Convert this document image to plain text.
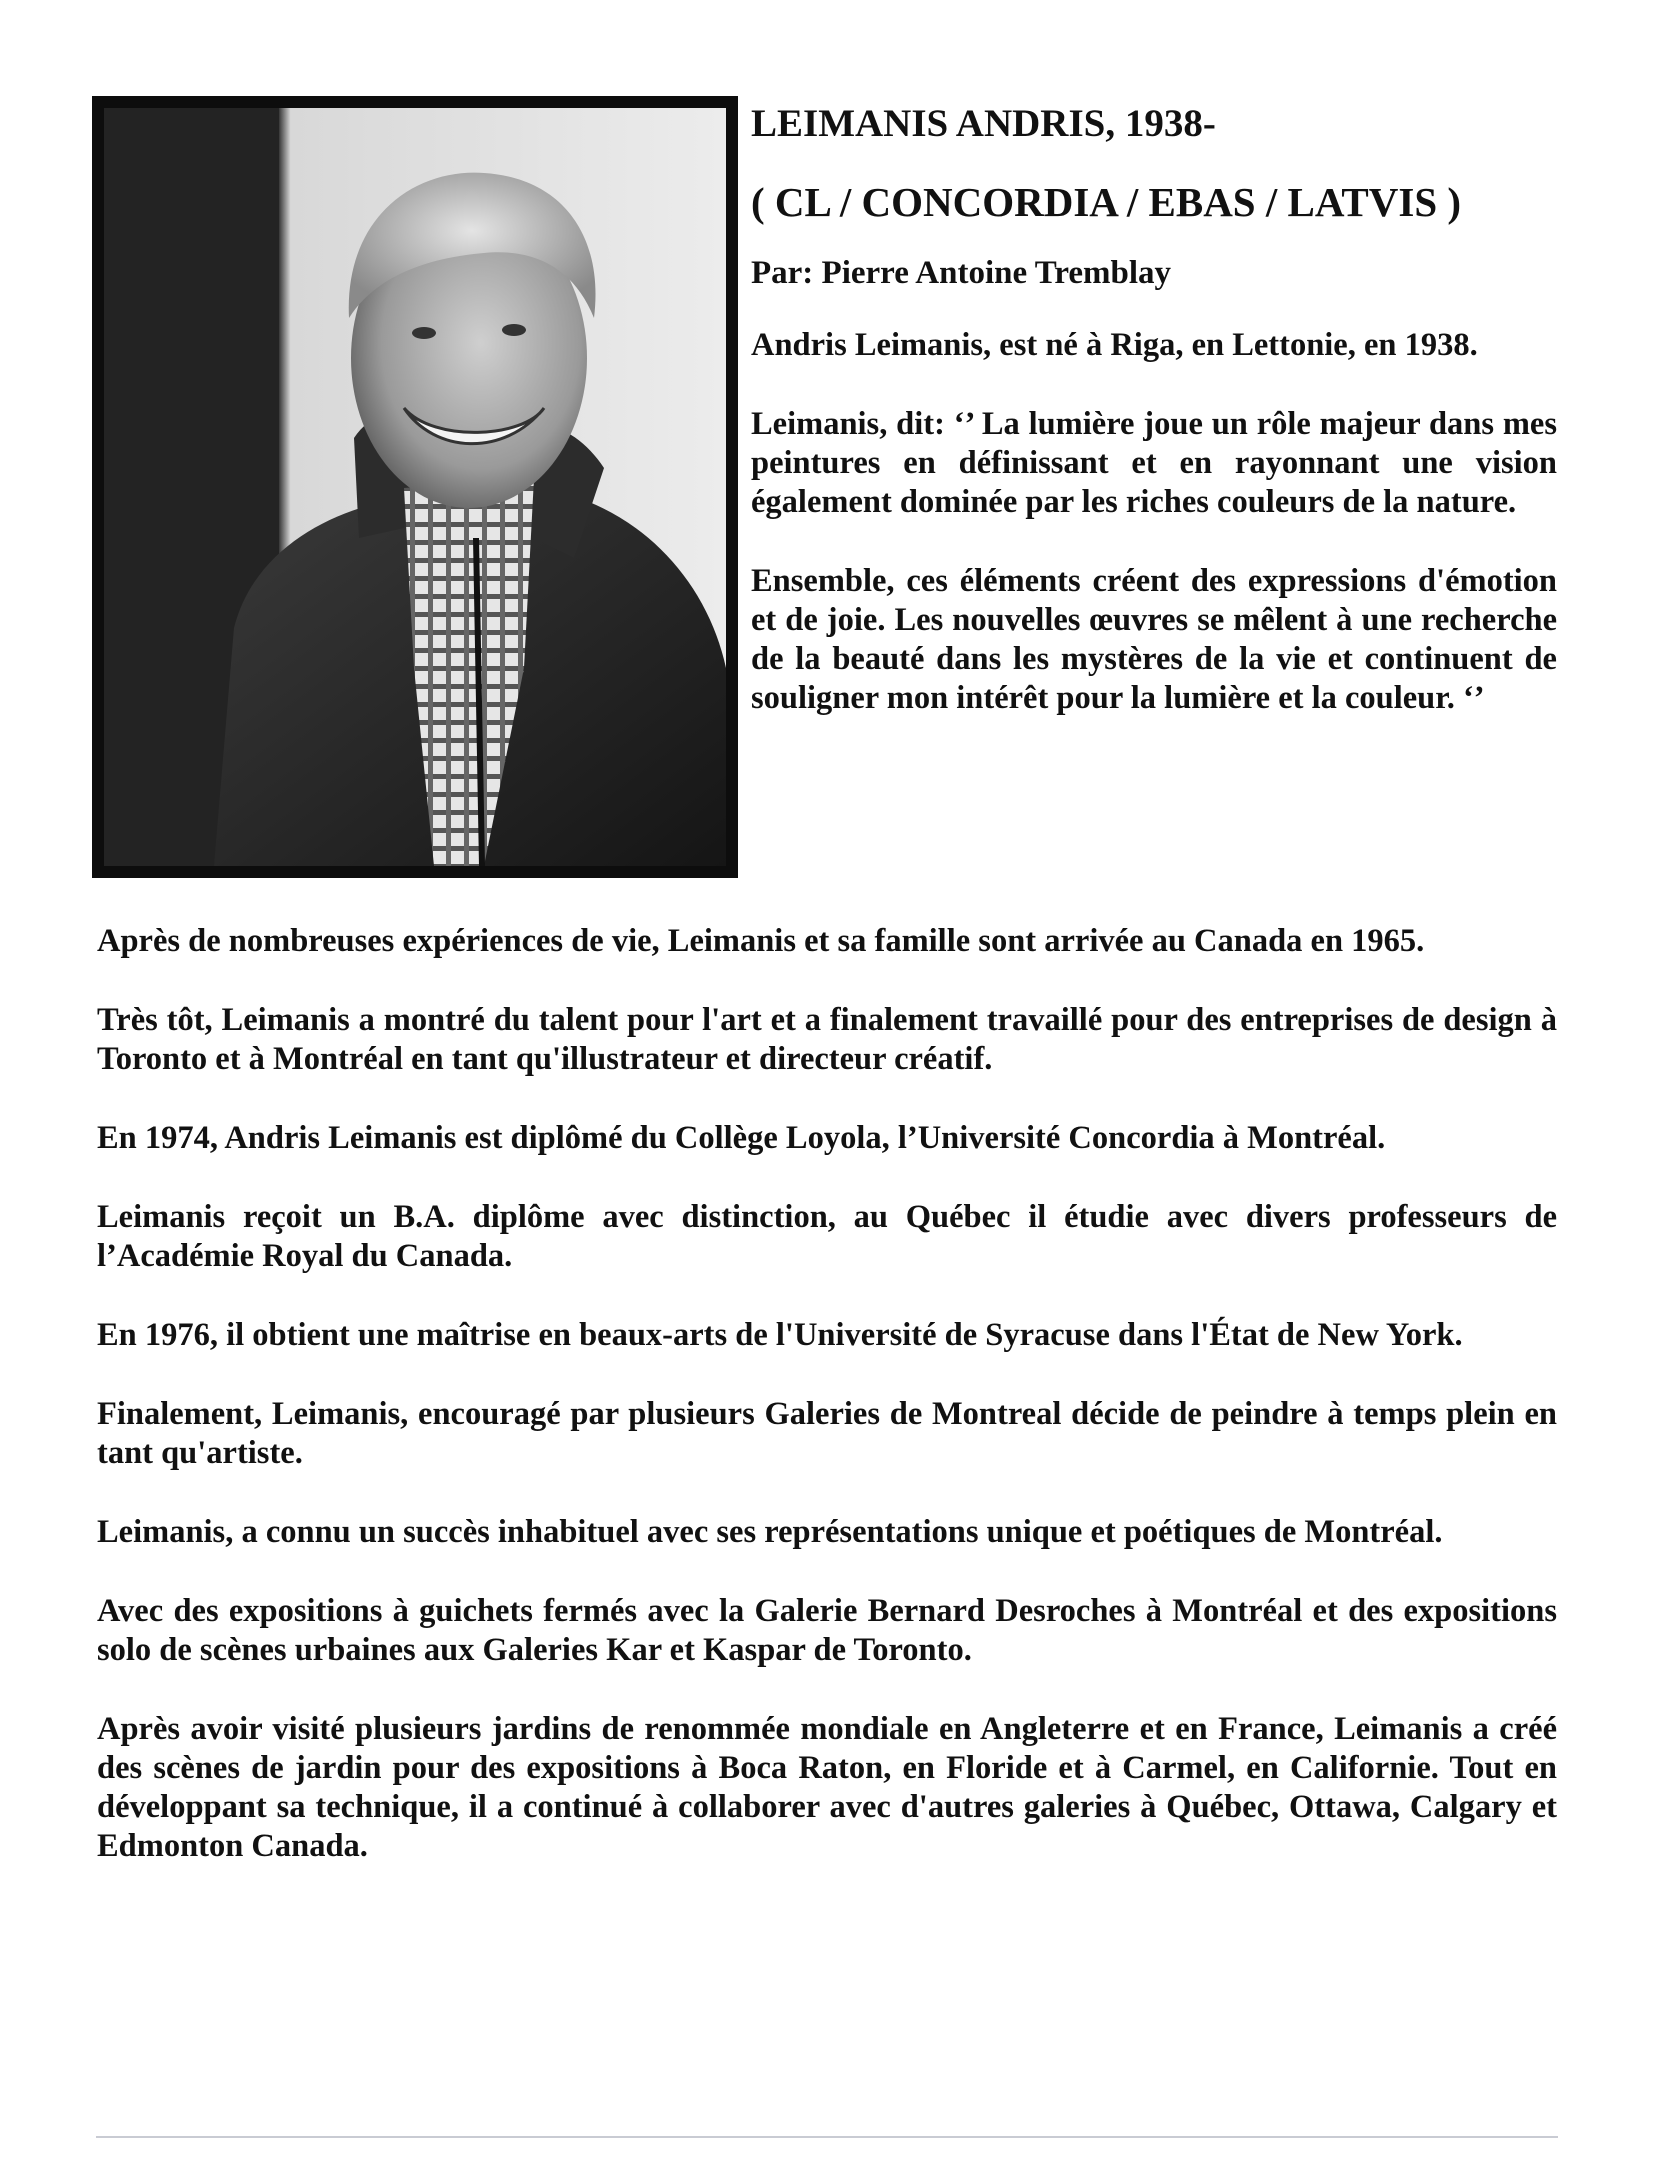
LEIMANIS ANDRIS, 1938-
( CL / CONCORDIA / EBAS / LATVIS )
Par: Pierre Antoine Tremblay

Andris Leimanis, est né à Riga, en Lettonie, en 1938.

Leimanis, dit: ‘’ La lumière joue un rôle majeur dans mes peintures en définissant et en rayonnant une vision également dominée par les riches couleurs de la nature.

Ensemble, ces éléments créent des expressions d'émotion et de joie. Les nouvelles œuvres se mêlent à une recherche de la beauté dans les mystères de la vie et continuent de souligner mon intérêt pour la lumière et la couleur. ‘’

Après de nombreuses expériences de vie, Leimanis et sa famille sont arrivée au Canada en 1965.

Très tôt, Leimanis a montré du talent pour l'art et a finalement travaillé pour des entreprises de design à Toronto et à Montréal en tant qu'illustrateur et directeur créatif.

En 1974, Andris Leimanis est diplômé du Collège Loyola, l’Université Concordia à Montréal.

Leimanis reçoit un B.A. diplôme avec distinction, au Québec il étudie avec divers professeurs de l’Académie Royal du Canada.

En 1976, il obtient une maîtrise en beaux-arts de l'Université de Syracuse dans l'État de New York.

Finalement, Leimanis, encouragé par plusieurs Galeries de Montreal décide de peindre à temps plein en tant qu'artiste.

Leimanis, a connu un succès inhabituel avec ses représentations unique et poétiques de Montréal.

Avec des expositions à guichets fermés avec la Galerie Bernard Desroches à Montréal et des expositions solo de scènes urbaines aux Galeries Kar et Kaspar de Toronto.

Après avoir visité plusieurs jardins de renommée mondiale en Angleterre et en France, Leimanis a créé des scènes de jardin pour des expositions à Boca Raton, en Floride et à Carmel, en Californie. Tout en développant sa technique, il a continué à collaborer avec d'autres galeries à Québec, Ottawa, Calgary et Edmonton Canada.
